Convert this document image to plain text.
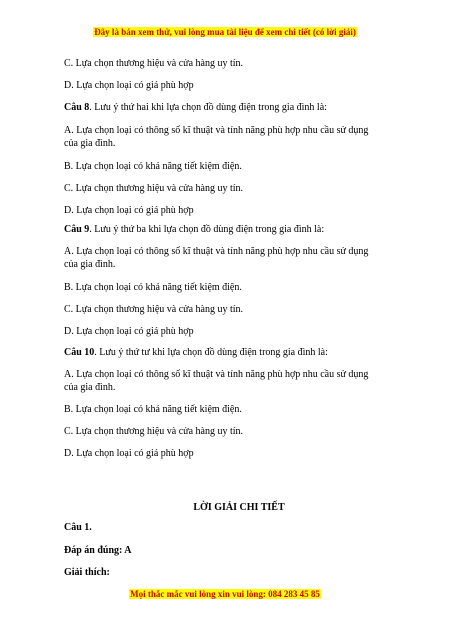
Đây là bản xem thử, vui lòng mua tài liệu để xem chi tiết (có lời giải)

C. Lựa chọn thương hiệu và cửa hàng uy tín.

D. Lựa chọn loại có giá phù hợp

Câu 8. Lưu ý thứ hai khi lựa chọn đồ dùng điện trong gia đình là:

A. Lựa chọn loại có thông số kĩ thuật và tính năng phù hợp nhu cầu sử dụng

của gia đình.

B. Lựa chọn loại có khả năng tiết kiệm điện.

C. Lựa chọn thương hiệu và cửa hàng uy tín.

D. Lựa chọn loại có giá phù hợp

Câu 9. Lưu ý thứ ba khi lựa chọn đồ dùng điện trong gia đình là:

A. Lựa chọn loại có thông số kĩ thuật và tính năng phù hợp nhu cầu sử dụng

của gia đình.

B. Lựa chọn loại có khả năng tiết kiệm điện.

C. Lựa chọn thương hiệu và cửa hàng uy tín.

D. Lựa chọn loại có giá phù hợp

Câu 10. Lưu ý thứ tư khi lựa chọn đồ dùng điện trong gia đình là:

A. Lựa chọn loại có thông số kĩ thuật và tính năng phù hợp nhu cầu sử dụng

của gia đình.

B. Lựa chọn loại có khả năng tiết kiệm điện.

C. Lựa chọn thương hiệu và cửa hàng uy tín.

D. Lựa chọn loại có giá phù hợp

LỜI GIẢI CHI TIẾT

Câu 1.

Đáp án đúng: A

Giải thích:

Mọi thắc mắc vui lòng xin vui lòng: 084 283 45 85
